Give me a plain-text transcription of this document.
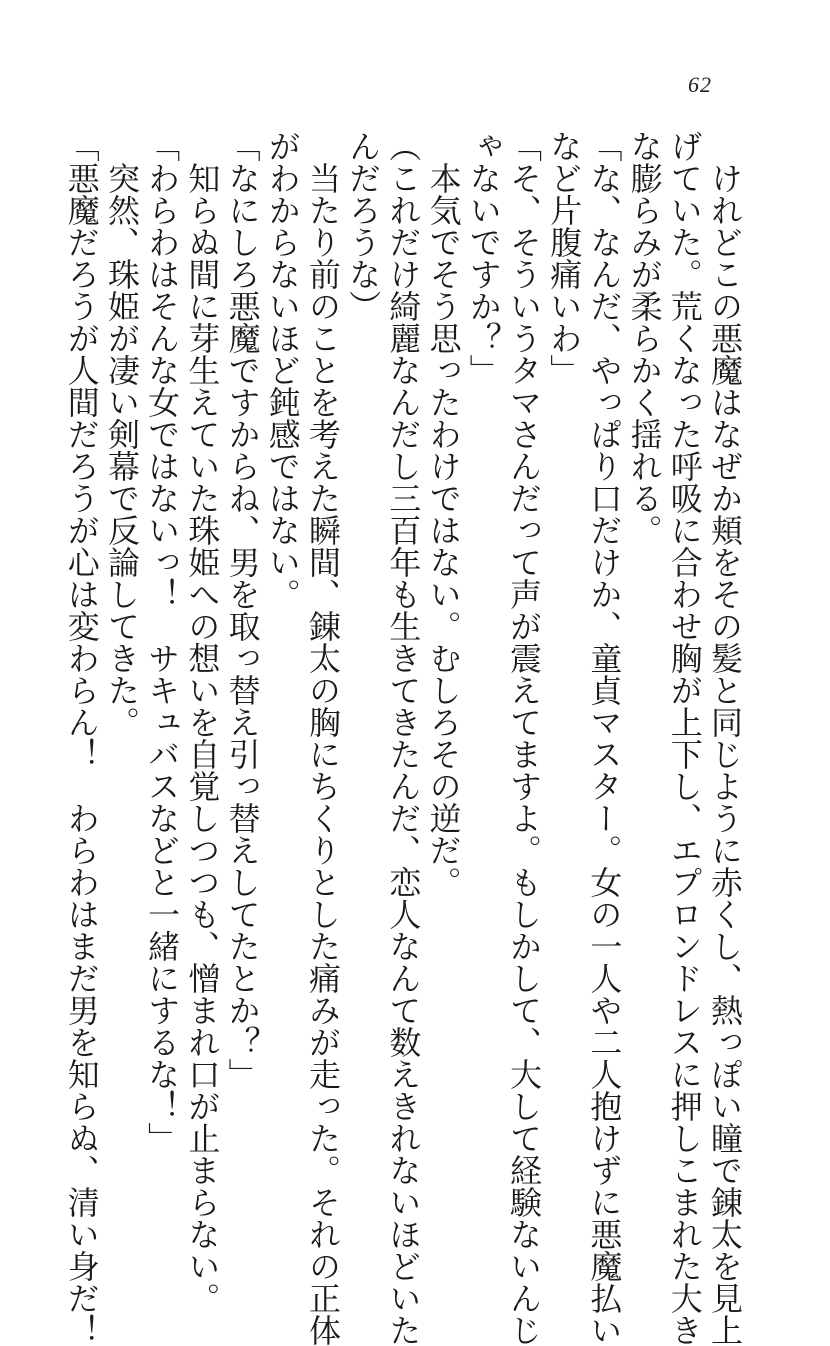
62

　けれどこの悪魔はなぜか頬をその髪と同じように赤くし、熱っぽい瞳で錬太を見上

げていた。荒くなった呼吸に合わせ胸が上下し、エプロンドレスに押しこまれた大き

な膨らみが柔らかく揺れる。

「な、なんだ、やっぱり口だけか、童貞マスター。女の一人や二人抱けずに悪魔払い

など片腹痛いわ」

「そ、そういうタマさんだって声が震えてますよ。もしかして、大して経験ないんじ

ゃないですか？」

　本気でそう思ったわけではない。むしろその逆だ。

（これだけ綺麗なんだし三百年も生きてきたんだ、恋人なんて数えきれないほどいた

んだろうな）

　当たり前のことを考えた瞬間、錬太の胸にちくりとした痛みが走った。それの正体

がわからないほど鈍感ではない。

「なにしろ悪魔ですからね、男を取っ替え引っ替えしてたとか？」

　知らぬ間に芽生えていた珠姫への想いを自覚しつつも、憎まれ口が止まらない。

「わらわはそんな女ではないっ！　サキュバスなどと一緒にするな！」

　突然、珠姫が凄い剣幕で反論してきた。

「悪魔だろうが人間だろうが心は変わらん！　わらわはまだ男を知らぬ、清い身だ！
